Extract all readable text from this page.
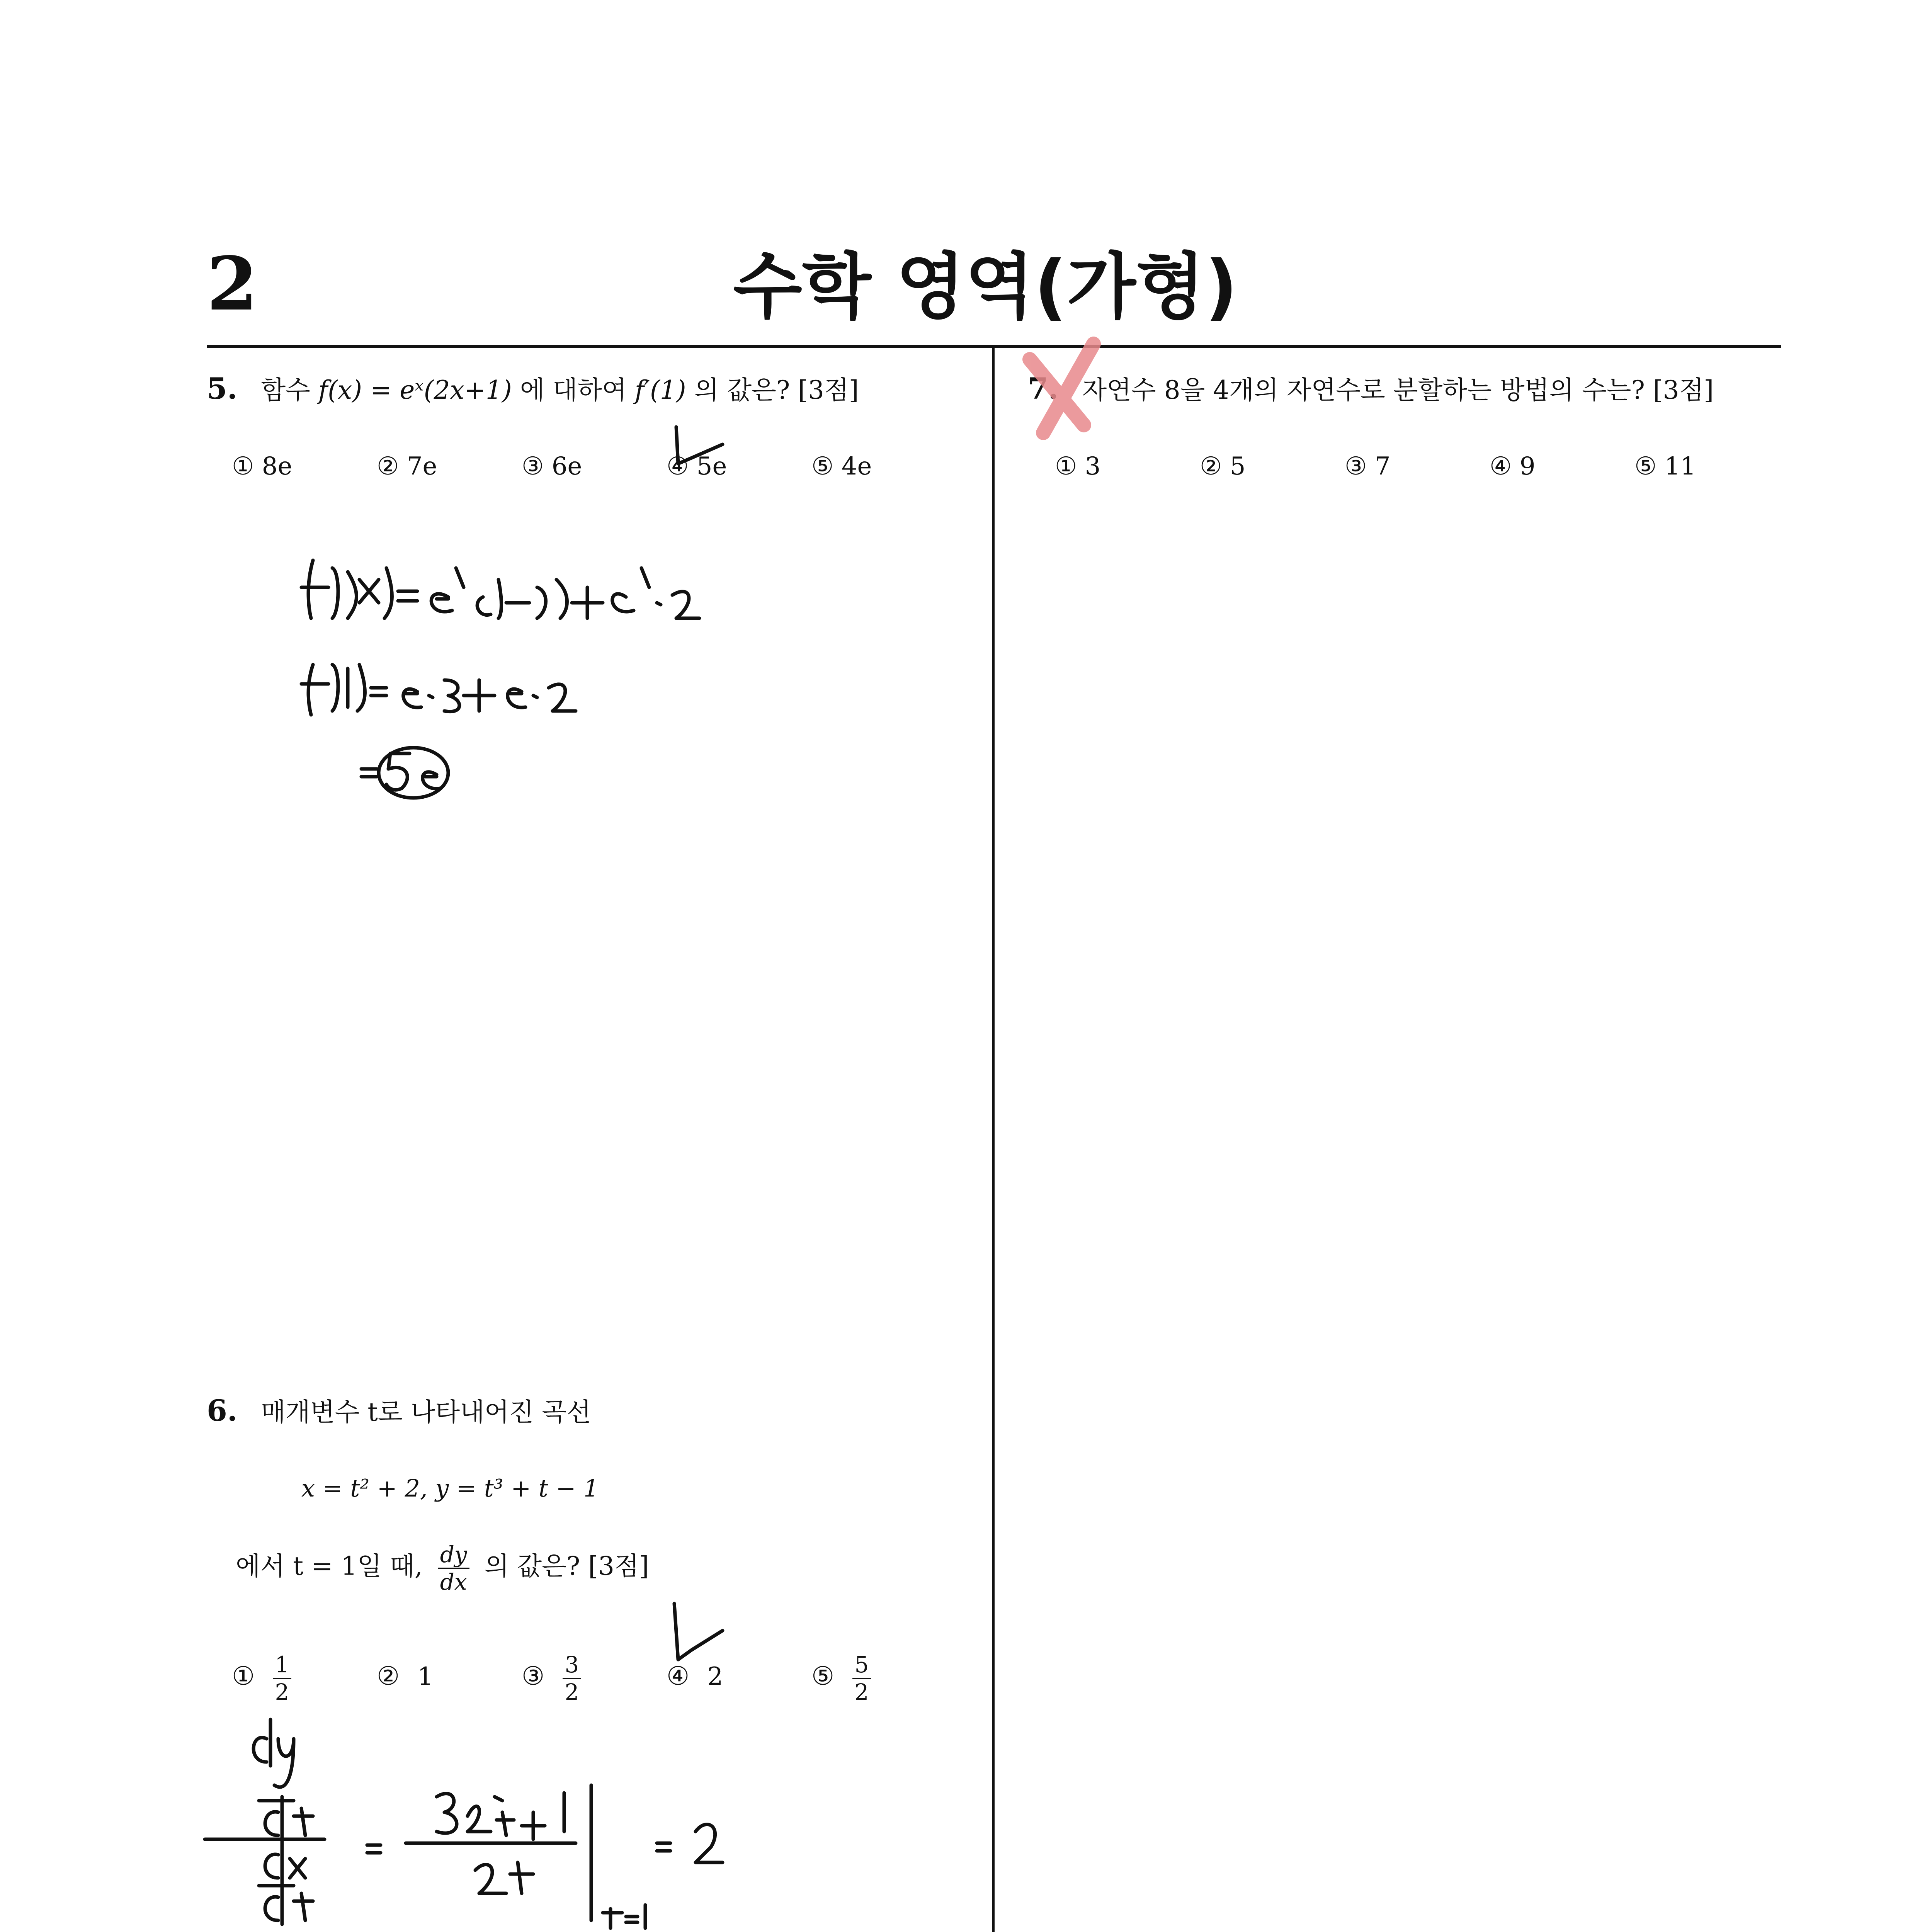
2	수학 영역(가형)
5. 함수 f(x) = eˣ(2x+1) 에 대하여 f′(1) 의 값은? [3점]
① 8e	② 7e	③ 6e	④ 5e	⑤ 4e
6. 매개변수 t로 나타내어진 곡선
x = t² + 2, y = t³ + t − 1
에서 t = 1일 때, $\frac{dy}{dx}$ 의 값은? [3점]
① $\frac{1}{2}$	② 1	③ $\frac{3}{2}$	④ 2	⑤ $\frac{5}{2}$
7. 자연수 8을 4개의 자연수로 분할하는 방법의 수는? [3점]
① 3	② 5	③ 7	④ 9	⑤ 11
